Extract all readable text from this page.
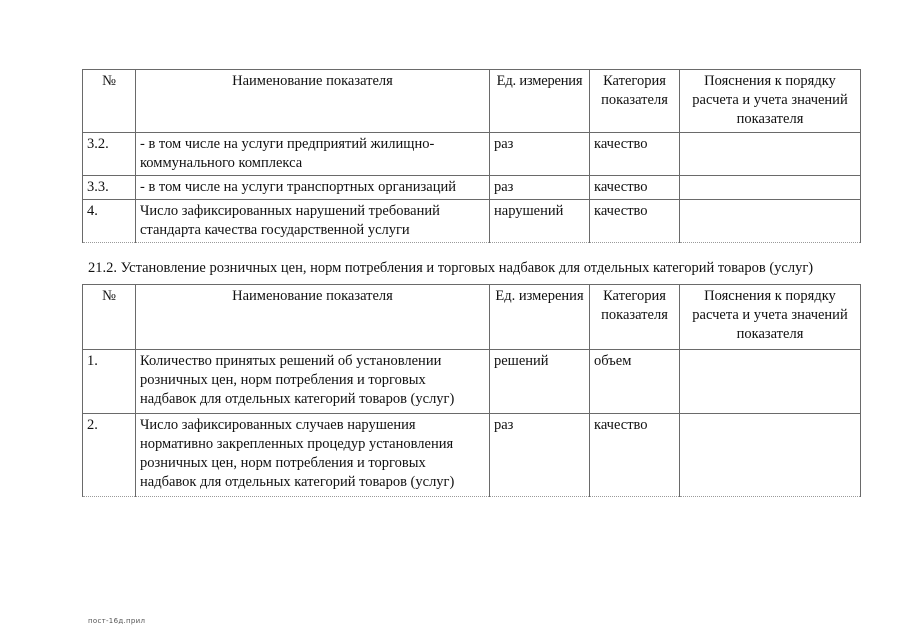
№	Наименование показателя	Ед. измерения	Категория показателя	Пояснения к порядку расчета и учета значений показателя
3.2.	- в том числе на услуги предприятий жилищно-коммунального комплекса	раз	качество	
3.3.	- в том числе на услуги транспортных организаций	раз	качество	
4.	Число зафиксированных нарушений требований стандарта качества государственной услуги	нарушений	качество	
21.2. Установление розничных цен, норм потребления и торговых надбавок для отдельных категорий товаров (услуг)
№	Наименование показателя	Ед. измерения	Категория показателя	Пояснения к порядку расчета и учета значений показателя
1.	Количество принятых решений об установлении розничных цен, норм потребления и торговых надбавок для отдельных категорий товаров (услуг)	решений	объем	
2.	Число зафиксированных случаев нарушения нормативно закрепленных процедур установления розничных цен, норм потребления и торговых надбавок для отдельных категорий товаров (услуг)	раз	качество	
пост-16д.прил
